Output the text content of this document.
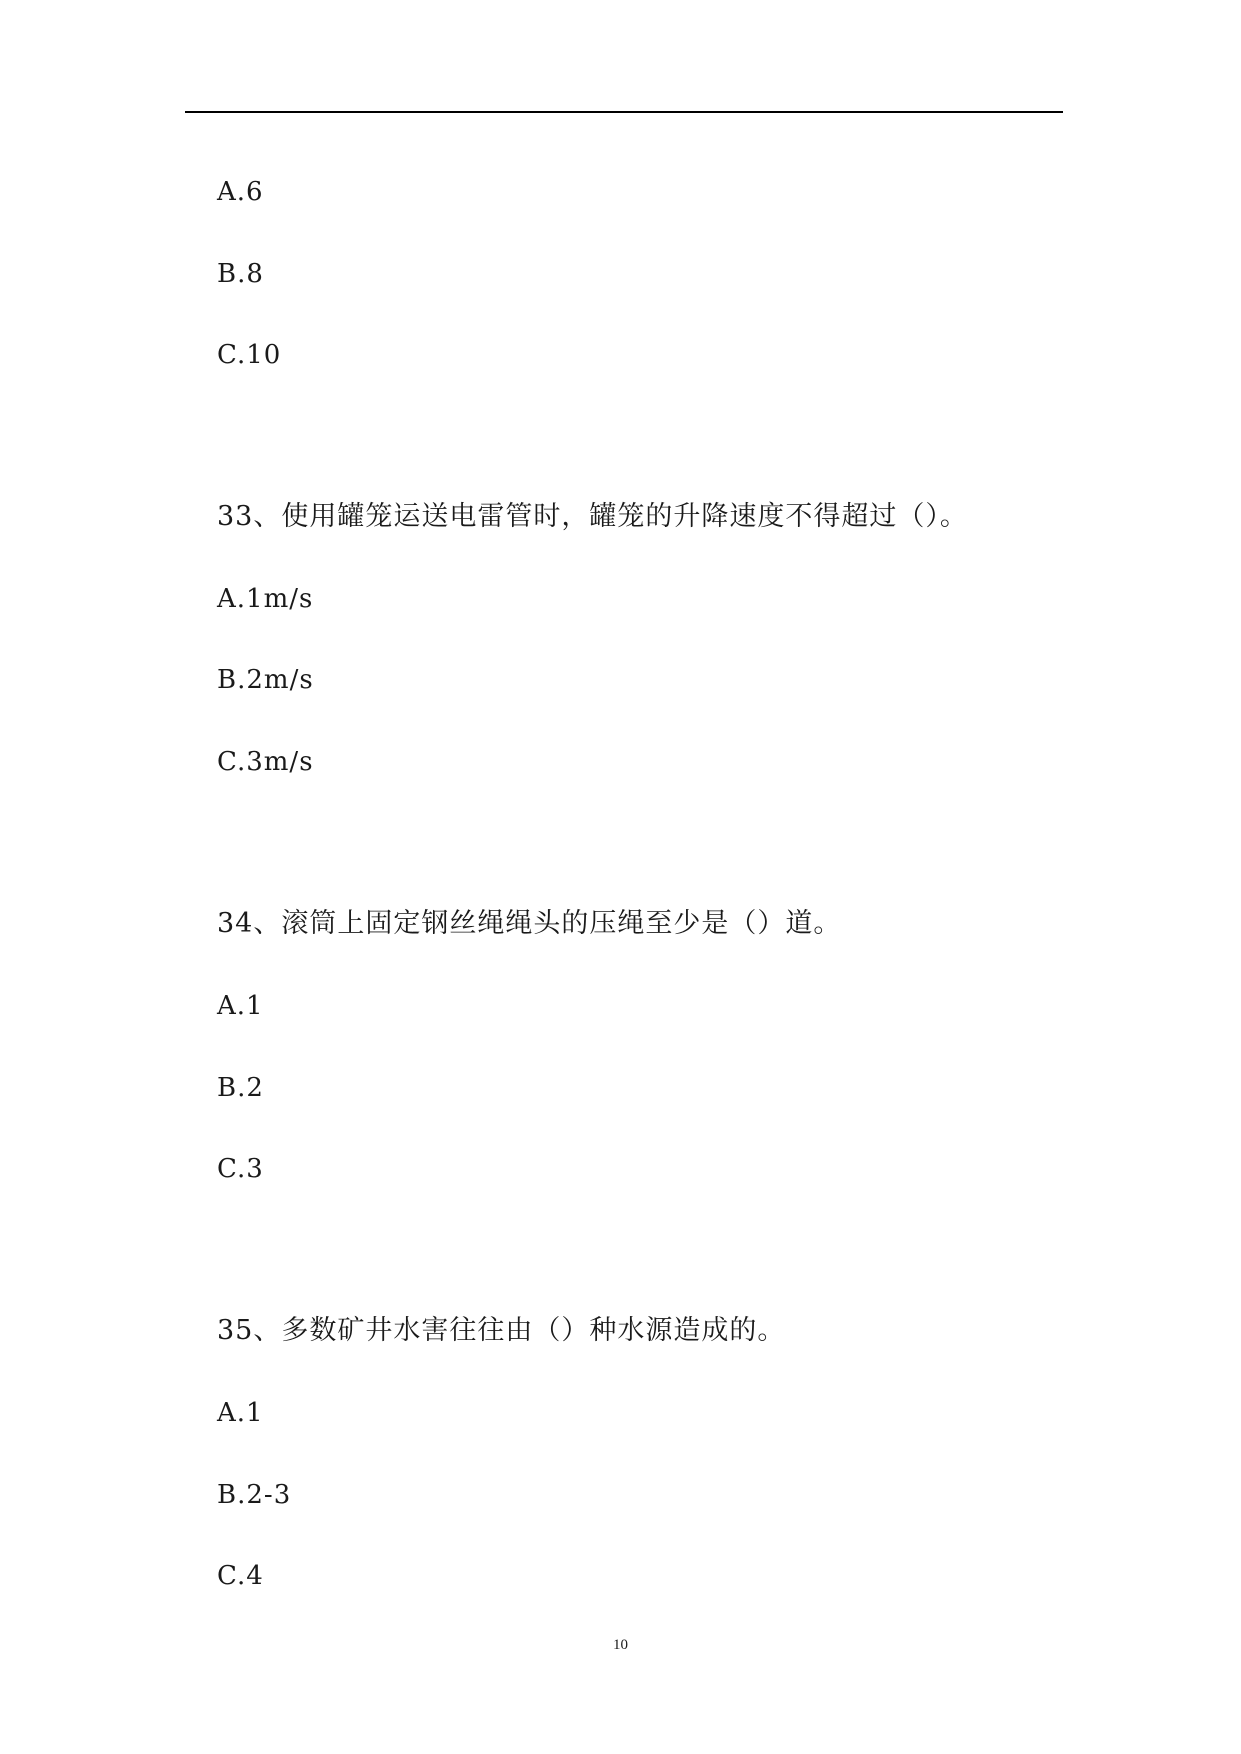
A.6
B.8
C.10
33、使用罐笼运送电雷管时，罐笼的升降速度不得超过（）。
A.1m/s
B.2m/s
C.3m/s
34、滚筒上固定钢丝绳绳头的压绳至少是（）道。
A.1
B.2
C.3
35、多数矿井水害往往由（）种水源造成的。
A.1
B.2-3
C.4
10
